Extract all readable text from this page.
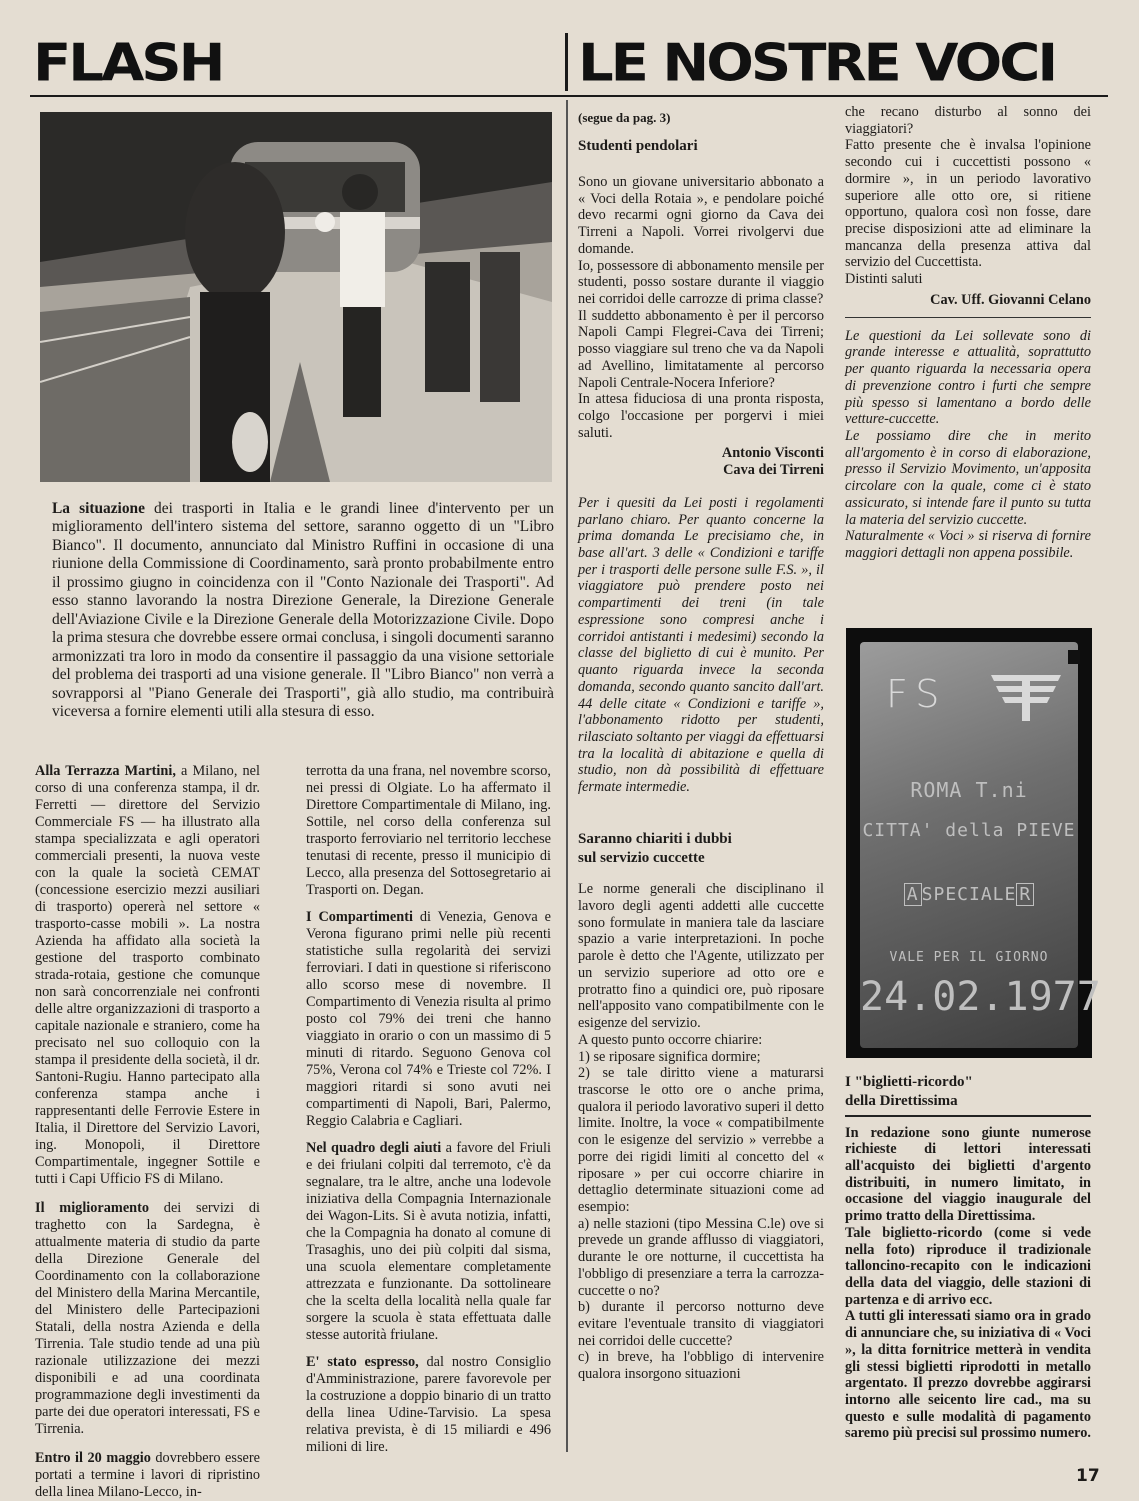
FLASH	LE NOSTRE VOCI

La situazione dei trasporti in Italia e le grandi linee d'intervento per un miglioramento dell'intero sistema del settore, saranno oggetto di un "Libro Bianco". Il documento, annunciato dal Ministro Ruffini in occasione di una riunione della Commissione di Coordinamento, sarà pronto probabilmente entro il prossimo giugno in coincidenza con il "Conto Nazionale dei Trasporti". Ad esso stanno lavorando la nostra Direzione Generale, la Direzione Generale dell'Aviazione Civile e la Direzione Generale della Motorizzazione Civile. Dopo la prima stesura che dovrebbe essere ormai conclusa, i singoli documenti saranno armonizzati tra loro in modo da consentire il passaggio da una visione settoriale del problema dei trasporti ad una visione generale. Il "Libro Bianco" non verrà a sovrapporsi al "Piano Generale dei Trasporti", già allo studio, ma contribuirà viceversa a fornire elementi utili alla stesura di esso.

Alla Terrazza Martini, a Milano, nel corso di una conferenza stampa, il dr. Ferretti — direttore del Servizio Commerciale FS — ha illustrato alla stampa specializzata e agli operatori commerciali presenti, la nuova veste con la quale la società CEMAT (concessione esercizio mezzi ausiliari di trasporto) opererà nel settore « trasporto-casse mobili ». La nostra Azienda ha affidato alla società la gestione del trasporto combinato strada-rotaia, gestione che comunque non sarà concorrenziale nei confronti delle altre organizzazioni di trasporto a capitale nazionale e straniero, come ha precisato nel suo colloquio con la stampa il presidente della società, il dr. Santoni-Rugiu. Hanno partecipato alla conferenza stampa anche i rappresentanti delle Ferrovie Estere in Italia, il Direttore del Servizio Lavori, ing. Monopoli, il Direttore Compartimentale, ingegner Sottile e tutti i Capi Ufficio FS di Milano.

Il miglioramento dei servizi di traghetto con la Sardegna, è attualmente materia di studio da parte della Direzione Generale del Coordinamento con la collaborazione del Ministero della Marina Mercantile, del Ministero delle Partecipazioni Statali, della nostra Azienda e della Tirrenia. Tale studio tende ad una più razionale utilizzazione dei mezzi disponibili e ad una coordinata programmazione degli investimenti da parte dei due operatori interessati, FS e Tirrenia.

Entro il 20 maggio dovrebbero essere portati a termine i lavori di ripristino della linea Milano-Lecco, in-

terrotta da una frana, nel novembre scorso, nei pressi di Olgiate. Lo ha affermato il Direttore Compartimentale di Milano, ing. Sottile, nel corso della conferenza sul trasporto ferroviario nel territorio lecchese tenutasi di recente, presso il municipio di Lecco, alla presenza del Sottosegretario ai Trasporti on. Degan.

I Compartimenti di Venezia, Genova e Verona figurano primi nelle più recenti statistiche sulla regolarità dei servizi ferroviari. I dati in questione si riferiscono allo scorso mese di novembre. Il Compartimento di Venezia risulta al primo posto col 79% dei treni che hanno viaggiato in orario o con un massimo di 5 minuti di ritardo. Seguono Genova col 75%, Verona col 74% e Trieste col 72%. I maggiori ritardi si sono avuti nei compartimenti di Napoli, Bari, Palermo, Reggio Calabria e Cagliari.

Nel quadro degli aiuti a favore del Friuli e dei friulani colpiti dal terremoto, c'è da segnalare, tra le altre, anche una lodevole iniziativa della Compagnia Internazionale dei Wagon-Lits. Si è avuta notizia, infatti, che la Compagnia ha donato al comune di Trasaghis, uno dei più colpiti dal sisma, una scuola elementare completamente attrezzata e funzionante. Da sottolineare che la scelta della località nella quale far sorgere la scuola è stata effettuata dalle stesse autorità friulane.

E' stato espresso, dal nostro Consiglio d'Amministrazione, parere favorevole per la costruzione a doppio binario di un tratto della linea Udine-Tarvisio. La spesa relativa prevista, è di 15 miliardi e 496 milioni di lire.

(segue da pag. 3)

Studenti pendolari

Sono un giovane universitario abbonato a « Voci della Rotaia », e pendolare poiché devo recarmi ogni giorno da Cava dei Tirreni a Napoli. Vorrei rivolgervi due domande.

Io, possessore di abbonamento mensile per studenti, posso sostare durante il viaggio nei corridoi delle carrozze di prima classe?

Il suddetto abbonamento è per il percorso Napoli Campi Flegrei-Cava dei Tirreni; posso viaggiare sul treno che va da Napoli ad Avellino, limitatamente al percorso Napoli Centrale-Nocera Inferiore?

In attesa fiduciosa di una pronta risposta, colgo l'occasione per porgervi i miei saluti.

Antonio Visconti

Cava dei Tirreni

Per i quesiti da Lei posti i regolamenti parlano chiaro. Per quanto concerne la prima domanda Le precisiamo che, in base all'art. 3 delle « Condizioni e tariffe per i trasporti delle persone sulle F.S. », il viaggiatore può prendere posto nei compartimenti dei treni (in tale espressione sono compresi anche i corridoi antistanti i medesimi) secondo la classe del biglietto di cui è munito. Per quanto riguarda invece la seconda domanda, secondo quanto sancito dall'art. 44 delle citate « Condizioni e tariffe », l'abbonamento ridotto per studenti, rilasciato soltanto per viaggi da effettuarsi tra la località di abitazione e quella di studio, non dà possibilità di effettuare fermate intermedie.

Saranno chiariti i dubbi

sul servizio cuccette

Le norme generali che disciplinano il lavoro degli agenti addetti alle cuccette sono formulate in maniera tale da lasciare spazio a varie interpretazioni. In poche parole è detto che l'Agente, utilizzato per un servizio superiore ad otto ore e protratto fino a quindici ore, può riposare nell'apposito vano compatibilmente con le esigenze del servizio.

A questo punto occorre chiarire:

1) se riposare significa dormire;

2) se tale diritto viene a maturarsi trascorse le otto ore o anche prima, qualora il periodo lavorativo superi il detto limite. Inoltre, la voce « compatibilmente con le esigenze del servizio » verrebbe a porre dei rigidi limiti al concetto del « riposare » per cui occorre chiarire in dettaglio determinate situazioni come ad esempio:

a) nelle stazioni (tipo Messina C.le) ove si prevede un grande afflusso di viaggiatori, durante le ore notturne, il cuccettista ha l'obbligo di presenziare a terra la carrozza-cuccette o no?

b) durante il percorso notturno deve evitare l'eventuale transito di viaggiatori nei corridoi delle cuccette?

c) in breve, ha l'obbligo di intervenire qualora insorgono situazioni

che recano disturbo al sonno dei viaggiatori?

Fatto presente che è invalsa l'opinione secondo cui i cuccettisti possono « dormire », in un periodo lavorativo superiore alle otto ore, si ritiene opportuno, qualora così non fosse, dare precise disposizioni atte ad eliminare la mancanza della presenza attiva dal servizio del Cuccettista.

Distinti saluti

Cav. Uff. Giovanni Celano

Le questioni da Lei sollevate sono di grande interesse e attualità, soprattutto per quanto riguarda la necessaria opera di prevenzione contro i furti che sempre più spesso si lamentano a bordo delle vetture-cuccette.

Le possiamo dire che in merito all'argomento è in corso di elaborazione, presso il Servizio Movimento, un'apposita circolare con la quale, come ci è stato assicurato, si intende fare il punto su tutta la materia del servizio cuccette.

Naturalmente « Voci » si riserva di fornire maggiori dettagli non appena possibile.

FS
ROMA T.ni
CITTA' della PIEVE
A SPECIALE R
VALE PER IL GIORNO
24.02.1977

I "biglietti-ricordo"

della Direttissima

In redazione sono giunte numerose richieste di lettori interessati all'acquisto dei biglietti d'argento distribuiti, in numero limitato, in occasione del viaggio inaugurale del primo tratto della Direttissima.

Tale biglietto-ricordo (come si vede nella foto) riproduce il tradizionale talloncino-recapito con le indicazioni della data del viaggio, delle stazioni di partenza e di arrivo ecc.

A tutti gli interessati siamo ora in grado di annunciare che, su iniziativa di « Voci », la ditta fornitrice metterà in vendita gli stessi biglietti riprodotti in metallo argentato. Il prezzo dovrebbe aggirarsi intorno alle seicento lire cad., ma su questo e sulle modalità di pagamento saremo più precisi sul prossimo numero.

17
